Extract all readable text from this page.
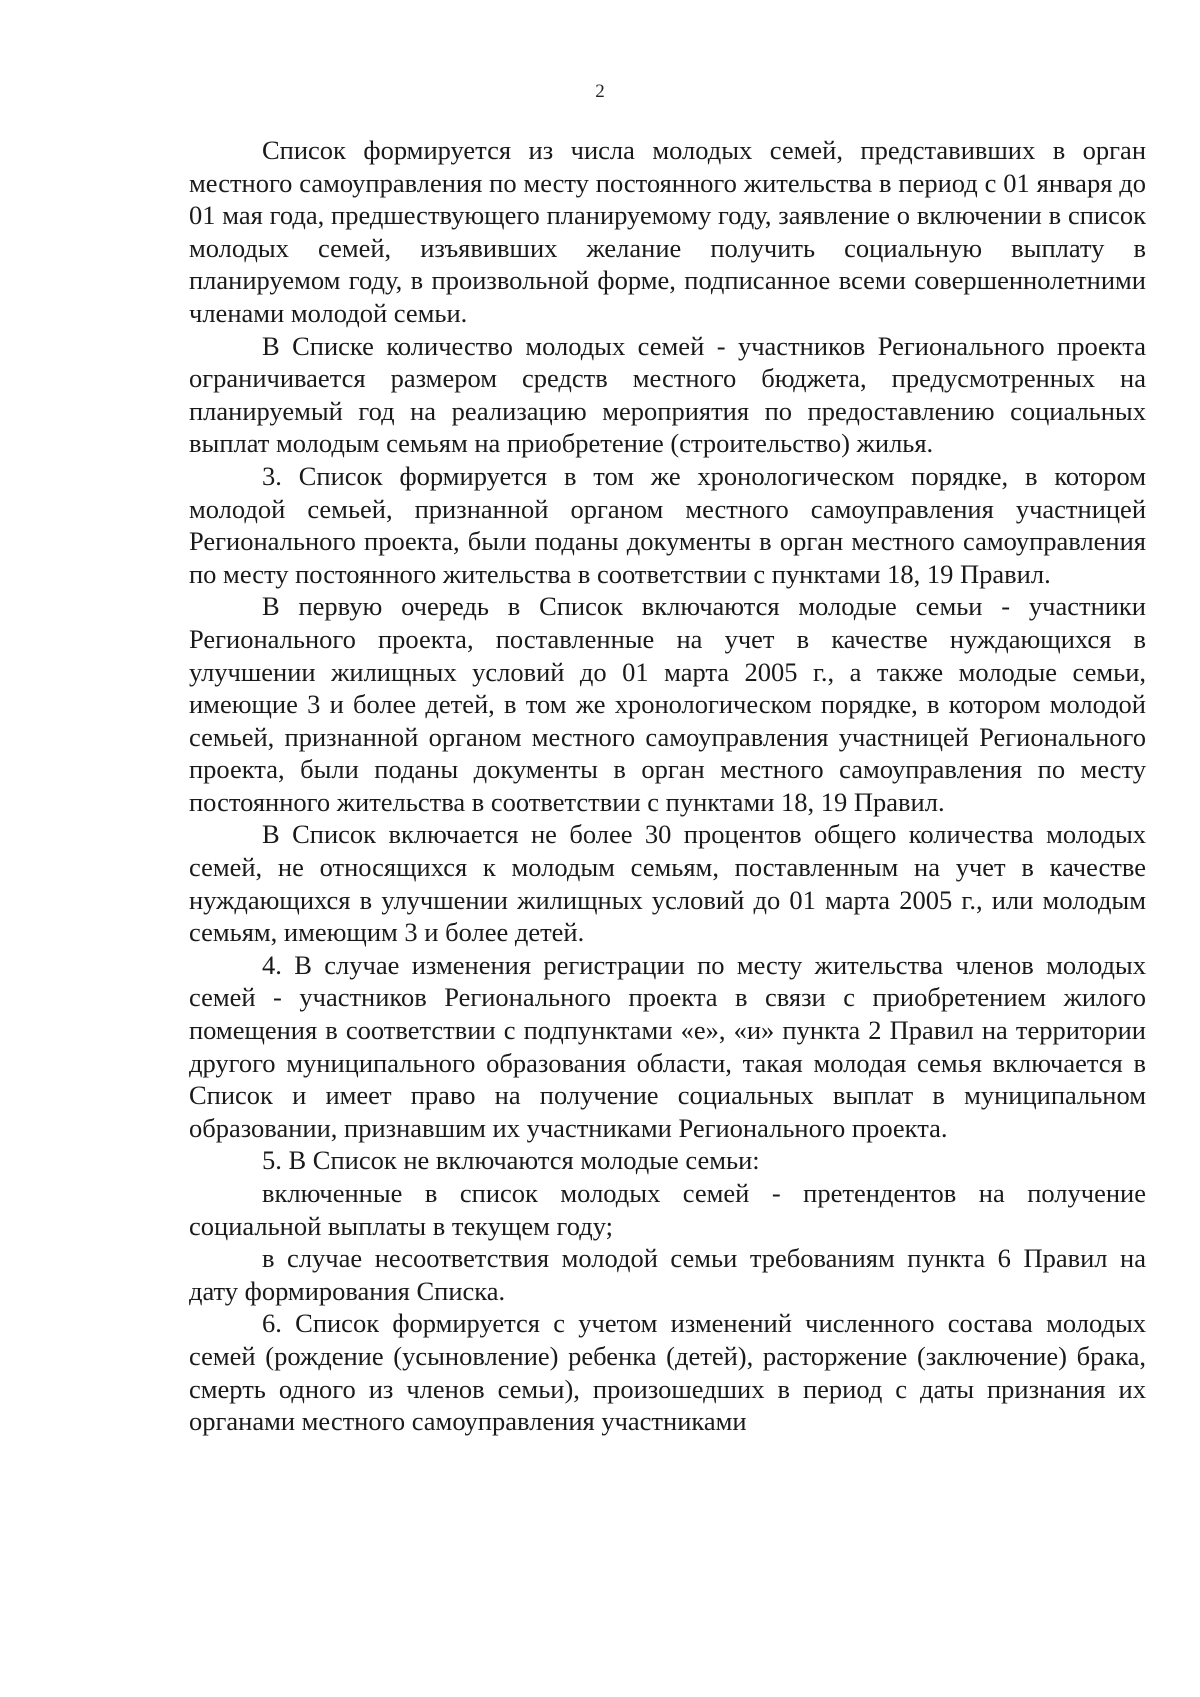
2

Список формируется из числа молодых семей, представивших в орган местного самоуправления по месту постоянного жительства в период с 01 января до 01 мая года, предшествующего планируемому году, заявление о включении в список молодых семей, изъявивших желание получить социальную выплату в планируемом году, в произвольной форме, подписанное всеми совершеннолетними членами молодой семьи.

В Списке количество молодых семей - участников Регионального проекта ограничивается размером средств местного бюджета, предусмотренных на планируемый год на реализацию мероприятия по предоставлению социальных выплат молодым семьям на приобретение (строительство) жилья.

3. Список формируется в том же хронологическом порядке, в котором молодой семьей, признанной органом местного самоуправления участницей Регионального проекта, были поданы документы в орган местного самоуправления по месту постоянного жительства в соответствии с пунктами 18, 19 Правил.

В первую очередь в Список включаются молодые семьи - участники Регионального проекта, поставленные на учет в качестве нуждающихся в улучшении жилищных условий до 01 марта 2005 г., а также молодые семьи, имеющие 3 и более детей, в том же хронологическом порядке, в котором молодой семьей, признанной органом местного самоуправления участницей Регионального проекта, были поданы документы в орган местного самоуправления по месту постоянного жительства в соответствии с пунктами 18, 19 Правил.

В Список включается не более 30 процентов общего количества молодых семей, не относящихся к молодым семьям, поставленным на учет в качестве нуждающихся в улучшении жилищных условий до 01 марта 2005 г., или молодым семьям, имеющим 3 и более детей.

4. В случае изменения регистрации по месту жительства членов молодых семей - участников Регионального проекта в связи с приобретением жилого помещения в соответствии с подпунктами «е», «и» пункта 2 Правил на территории другого муниципального образования области, такая молодая семья включается в Список и имеет право на получение социальных выплат в муниципальном образовании, признавшим их участниками Регионального проекта.

5. В Список не включаются молодые семьи:

включенные в список молодых семей - претендентов на получение социальной выплаты в текущем году;

в случае несоответствия молодой семьи требованиям пункта 6 Правил на дату формирования Списка.

6. Список формируется с учетом изменений численного состава молодых семей (рождение (усыновление) ребенка (детей), расторжение (заключение) брака, смерть одного из членов семьи), произошедших в период с даты признания их органами местного самоуправления участниками
